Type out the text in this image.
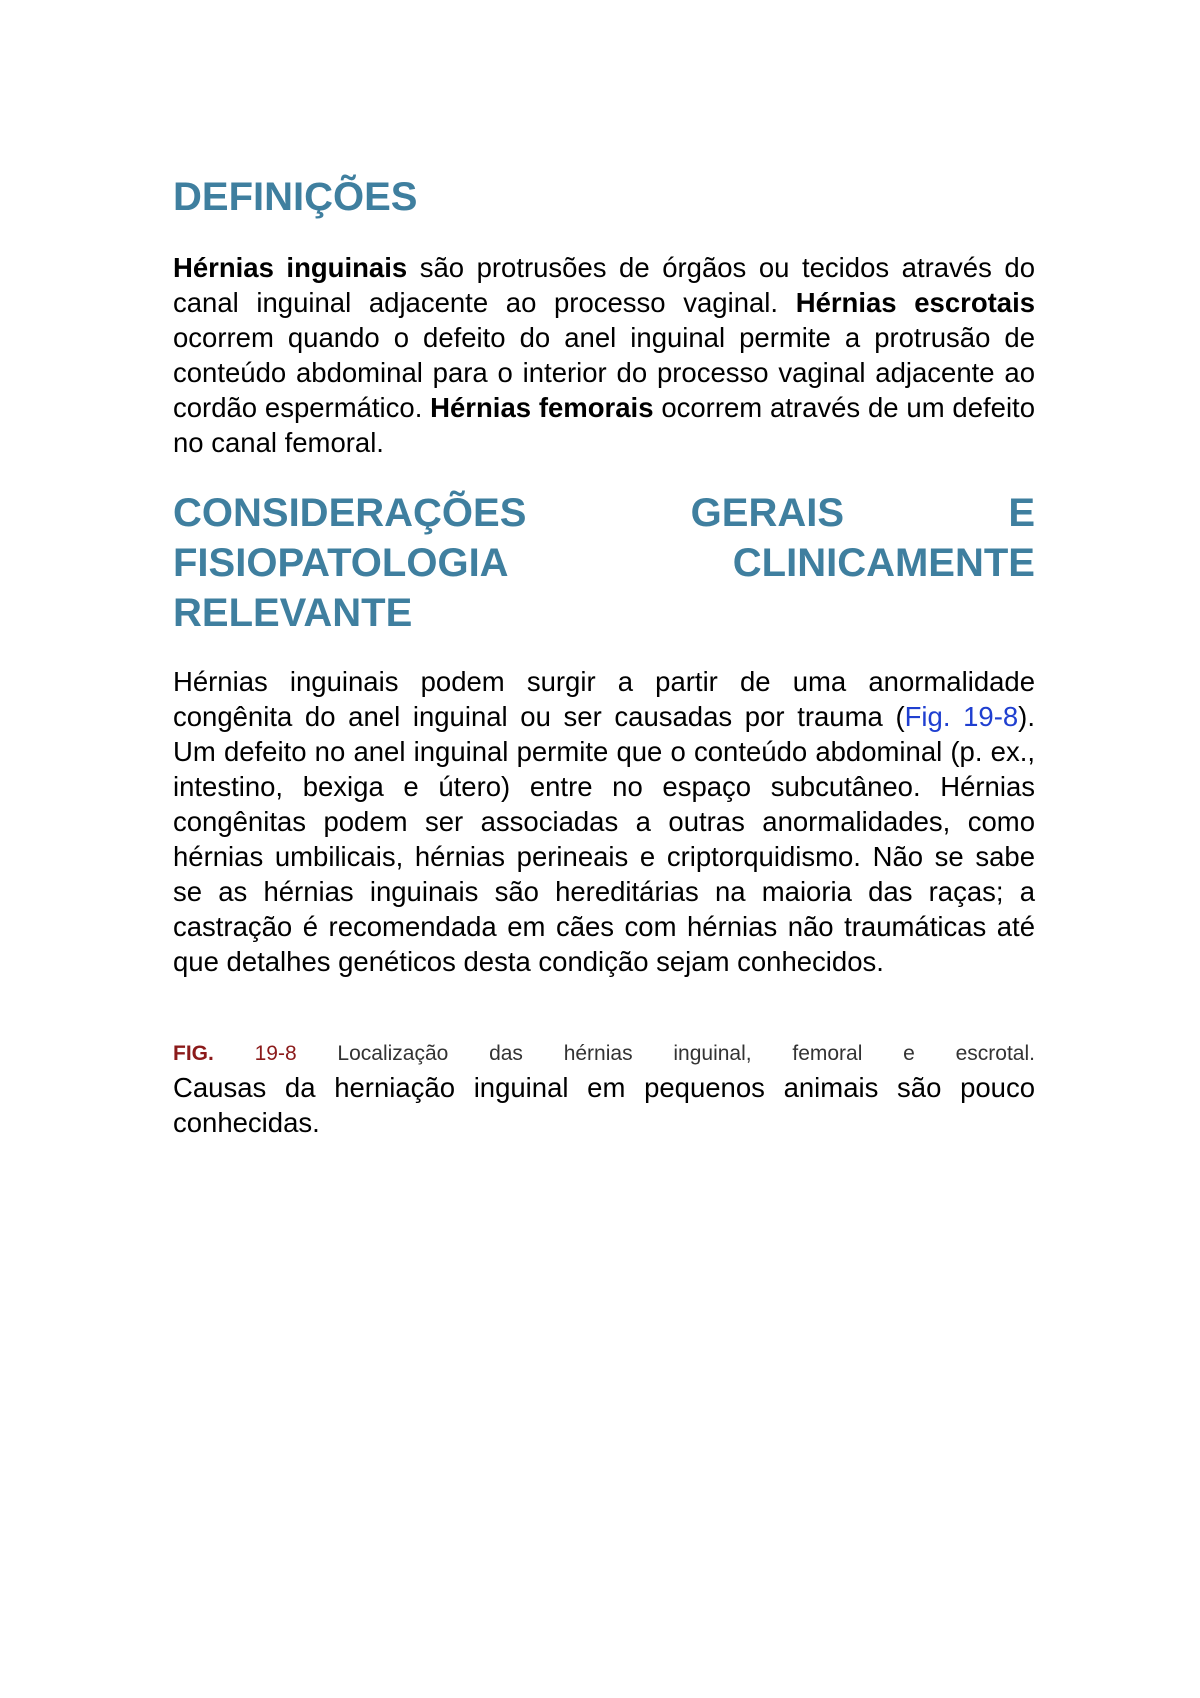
DEFINIÇÕES

Hérnias inguinais são protrusões de órgãos ou tecidos através do canal inguinal adjacente ao processo vaginal. Hérnias escrotais ocorrem quando o defeito do anel inguinal permite a protrusão de conteúdo abdominal para o interior do processo vaginal adjacente ao cordão espermático. Hérnias femorais ocorrem através de um defeito no canal femoral.

CONSIDERAÇÕES	GERAIS	E
FISIOPATOLOGIA	CLINICAMENTE
RELEVANTE

Hérnias inguinais podem surgir a partir de uma anormalidade congênita do anel inguinal ou ser causadas por trauma (Fig. 19-8). Um defeito no anel inguinal permite que o conteúdo abdominal (p. ex., intestino, bexiga e útero) entre no espaço subcutâneo. Hérnias congênitas podem ser associadas a outras anormalidades, como hérnias umbilicais, hérnias perineais e criptorquidismo. Não se sabe se as hérnias inguinais são hereditárias na maioria das raças; a castração é recomendada em cães com hérnias não traumáticas até que detalhes genéticos desta condição sejam conhecidos.

FIG. 19-8 Localização das hérnias inguinal, femoral e escrotal.

Causas da herniação inguinal em pequenos animais são pouco conhecidas.
